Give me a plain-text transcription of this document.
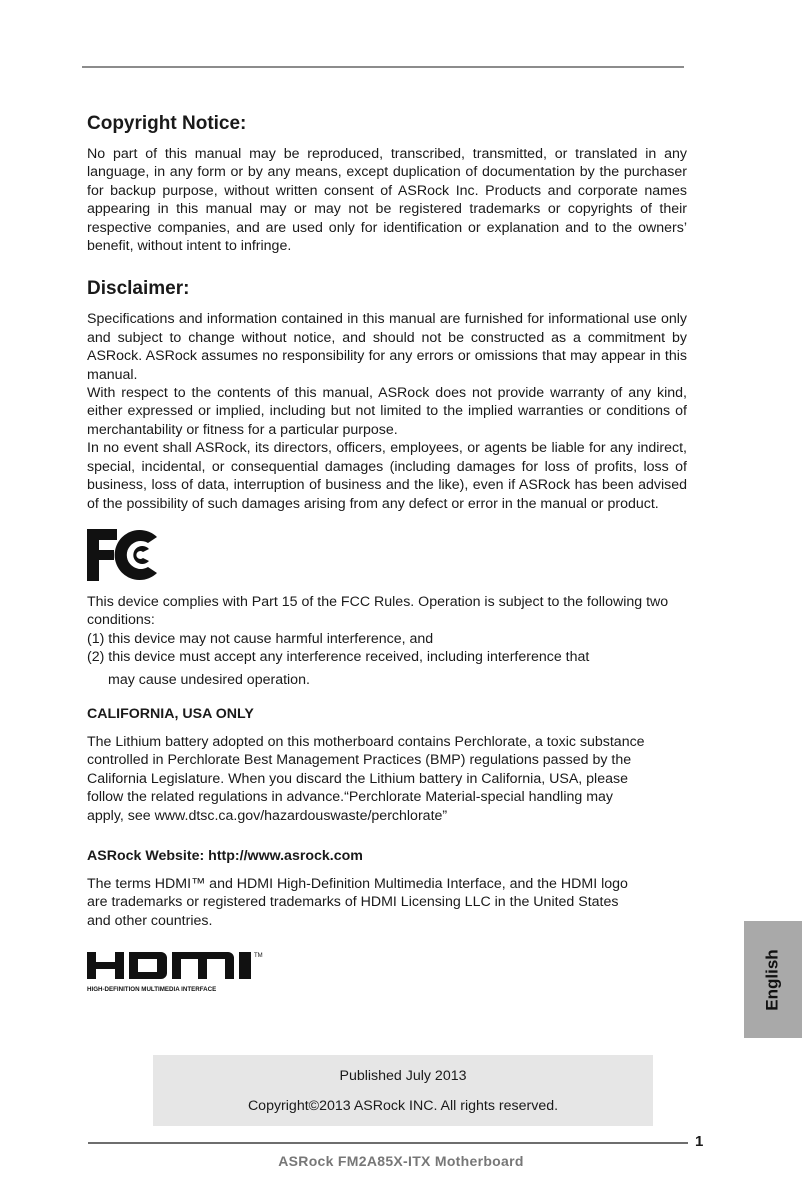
Copyright Notice:

No part of this manual may be reproduced, transcribed, transmitted, or translated in any language, in any form or by any means, except duplication of documentation by the purchaser for backup purpose, without written consent of ASRock Inc. Products and corporate names appearing in this manual may or may not be registered trademarks or copyrights of their respective companies, and are used only for identification or explanation and to the owners’ benefit, without intent to infringe.

Disclaimer:

Specifications and information contained in this manual are furnished for informational use only and subject to change without notice, and should not be constructed as a commitment by ASRock. ASRock assumes no responsibility for any errors or omissions that may appear in this manual.

With respect to the contents of this manual, ASRock does not provide warranty of any kind, either expressed or implied, including but not limited to the implied warranties or conditions of merchantability or fitness for a particular purpose.

In no event shall ASRock, its directors, officers, employees, or agents be liable for any indirect, special, incidental, or consequential damages (including damages for loss of profits, loss of business, loss of data, interruption of business and the like), even if ASRock has been advised of the possibility of such damages arising from any defect or error in the manual or product.

This device complies with Part 15 of the FCC Rules. Operation is subject to the following two conditions:

(1) this device may not cause harmful interference, and

(2) this device must accept any interference received, including interference that

may cause undesired operation.

CALIFORNIA, USA ONLY

The Lithium battery adopted on this motherboard contains Perchlorate, a toxic substance controlled in Perchlorate Best Management Practices (BMP) regulations passed by the California Legislature. When you discard the Lithium battery in California, USA, please follow the related regulations in advance.“Perchlorate Material-special handling may apply, see www.dtsc.ca.gov/hazardouswaste/perchlorate”

ASRock Website: http://www.asrock.com

The terms HDMI™ and HDMI High-Definition Multimedia Interface, and the HDMI logo are trademarks or registered trademarks of HDMI Licensing LLC in the United States and other countries.

TM
HIGH-DEFINITION MULTIMEDIA INTERFACE
Published July 2013
Copyright©2013 ASRock INC. All rights reserved.
1
ASRock FM2A85X-ITX Motherboard
English
